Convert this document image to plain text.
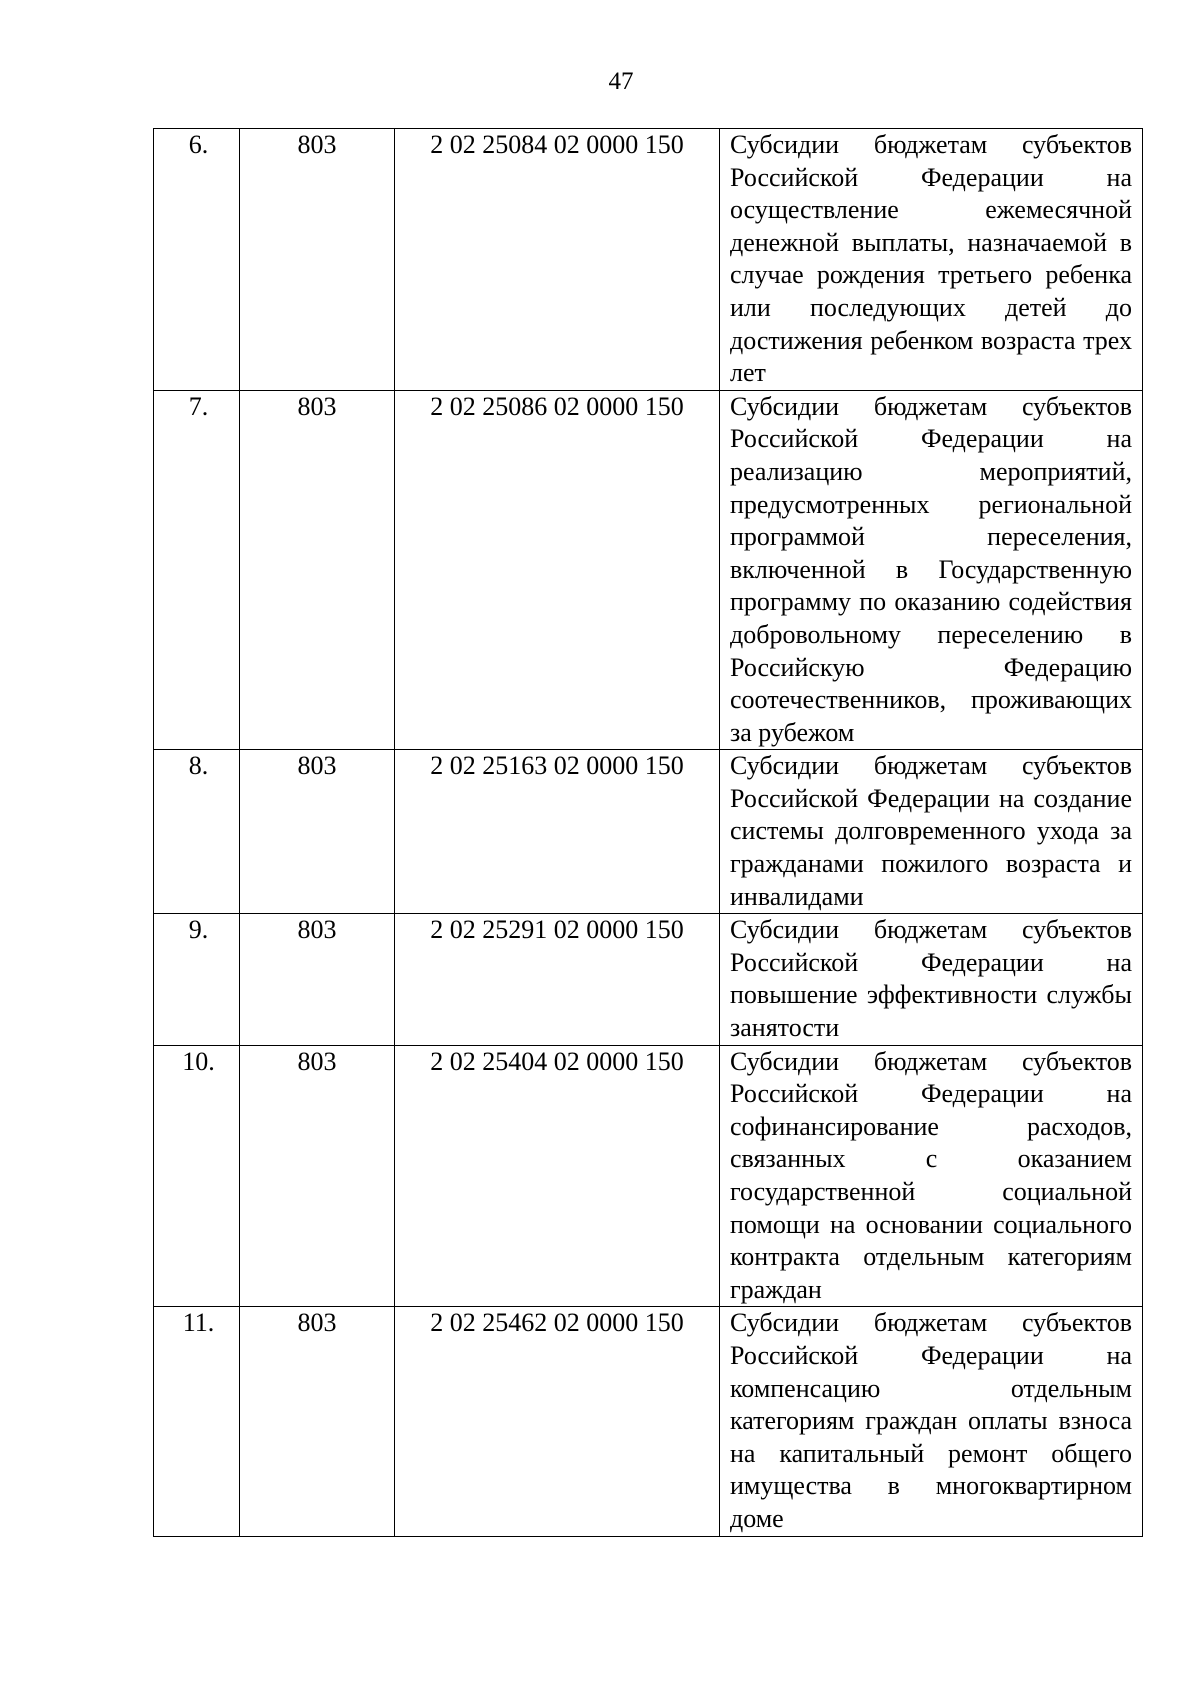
47
6.	803	2 02 25084 02 0000 150	Субсидии бюджетам субъектов Российской Федерации на осуществление ежемесячной денежной выплаты, назначаемой в случае рождения третьего ребенка или последующих детей до достижения ребенком возраста трех лет
7.	803	2 02 25086 02 0000 150	Субсидии бюджетам субъектов Российской Федерации на реализацию мероприятий, предусмотренных региональной программой переселения, включенной в Государственную программу по оказанию содействия добровольному переселению в Российскую Федерацию соотечественников, проживающих за рубежом
8.	803	2 02 25163 02 0000 150	Субсидии бюджетам субъектов Российской Федерации на создание системы долговременного ухода за гражданами пожилого возраста и инвалидами
9.	803	2 02 25291 02 0000 150	Субсидии бюджетам субъектов Российской Федерации на повышение эффективности службы занятости
10.	803	2 02 25404 02 0000 150	Субсидии бюджетам субъектов Российской Федерации на софинансирование расходов, связанных с оказанием государственной социальной помощи на основании социального контракта отдельным категориям граждан
11.	803	2 02 25462 02 0000 150	Субсидии бюджетам субъектов Российской Федерации на компенсацию отдельным категориям граждан оплаты взноса на капитальный ремонт общего имущества в многоквартирном доме
